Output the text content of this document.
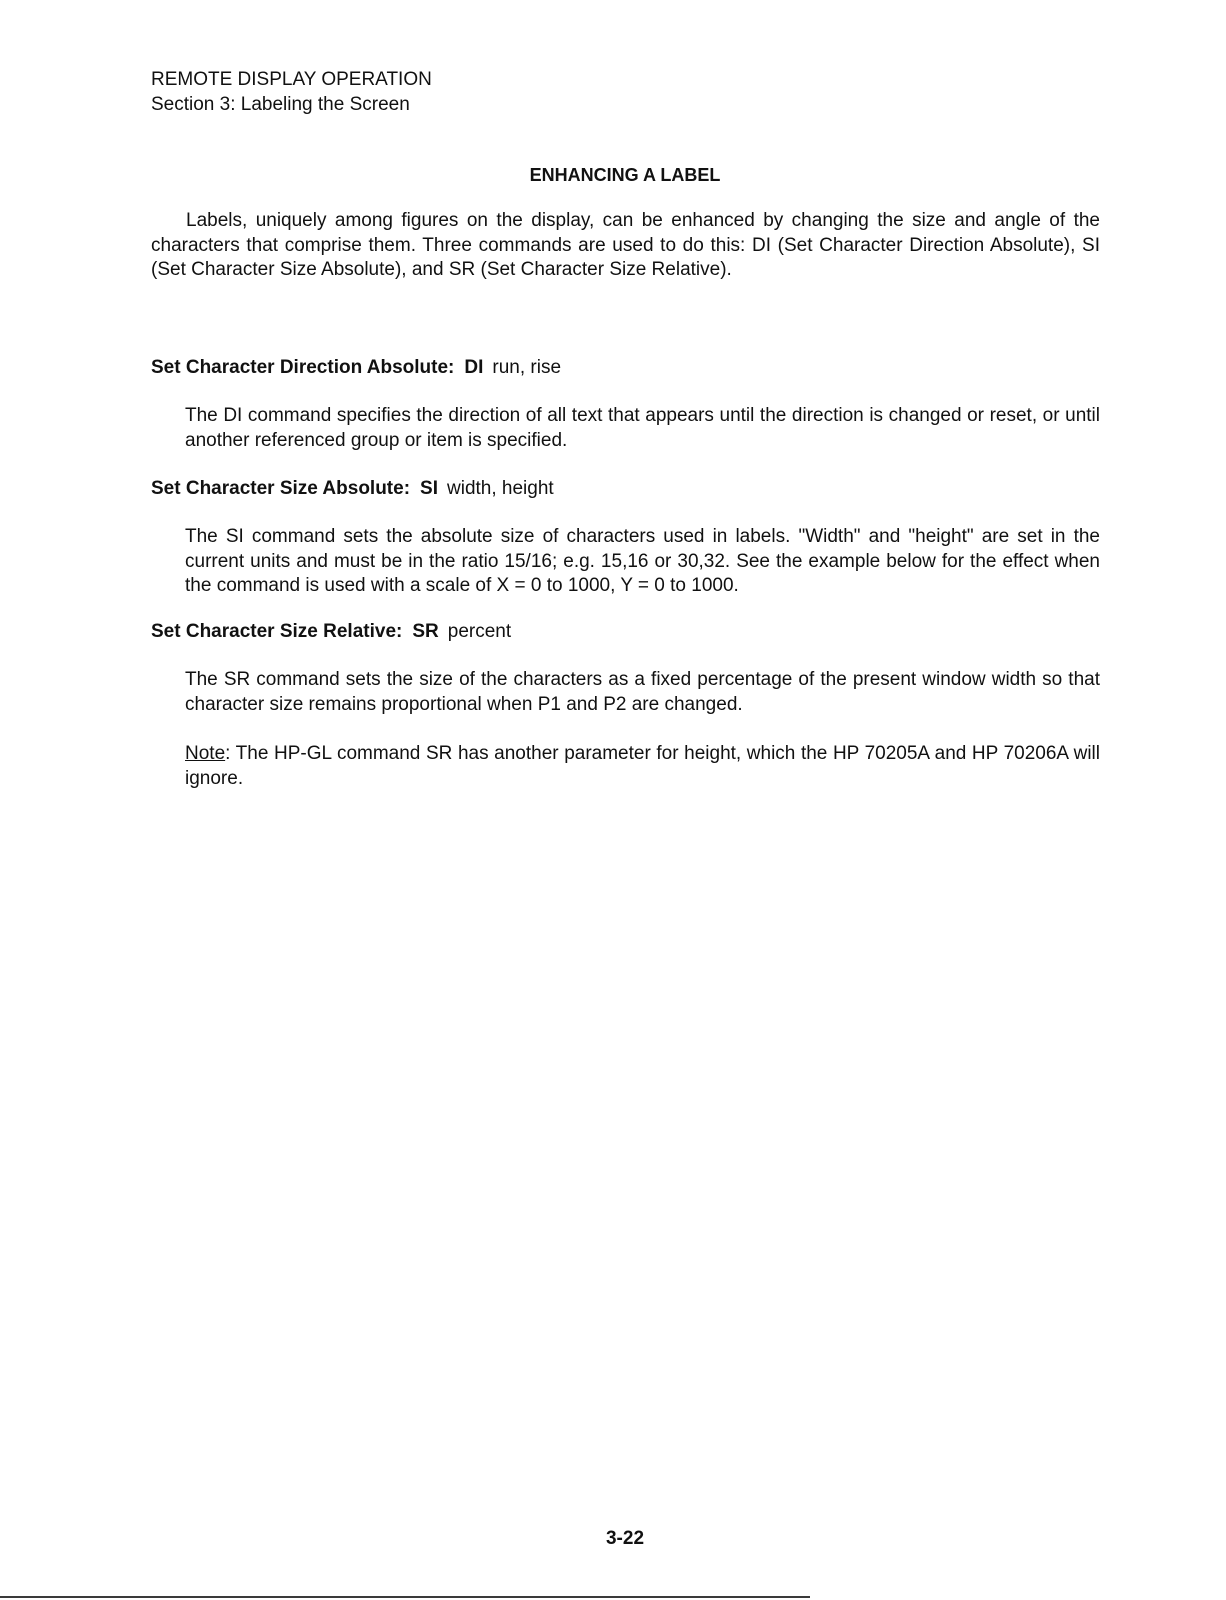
REMOTE DISPLAY OPERATION
Section 3: Labeling the Screen
ENHANCING A LABEL

Labels, uniquely among figures on the display, can be enhanced by changing the size and angle of the characters that comprise them. Three commands are used to do this: DI (Set Character Direction Absolute), SI (Set Character Size Absolute), and SR (Set Character Size Relative).

Set Character Direction Absolute: DI run, rise

The DI command specifies the direction of all text that appears until the direction is changed or reset, or until another referenced group or item is specified.

Set Character Size Absolute: SI width, height

The SI command sets the absolute size of characters used in labels. "Width" and "height" are set in the current units and must be in the ratio 15/16; e.g. 15,16 or 30,32. See the example below for the effect when the command is used with a scale of X = 0 to 1000, Y = 0 to 1000.

Set Character Size Relative: SR percent

The SR command sets the size of the characters as a fixed percentage of the present window width so that character size remains proportional when P1 and P2 are changed.

Note: The HP-GL command SR has another parameter for height, which the HP 70205A and HP 70206A will ignore.

3-22
